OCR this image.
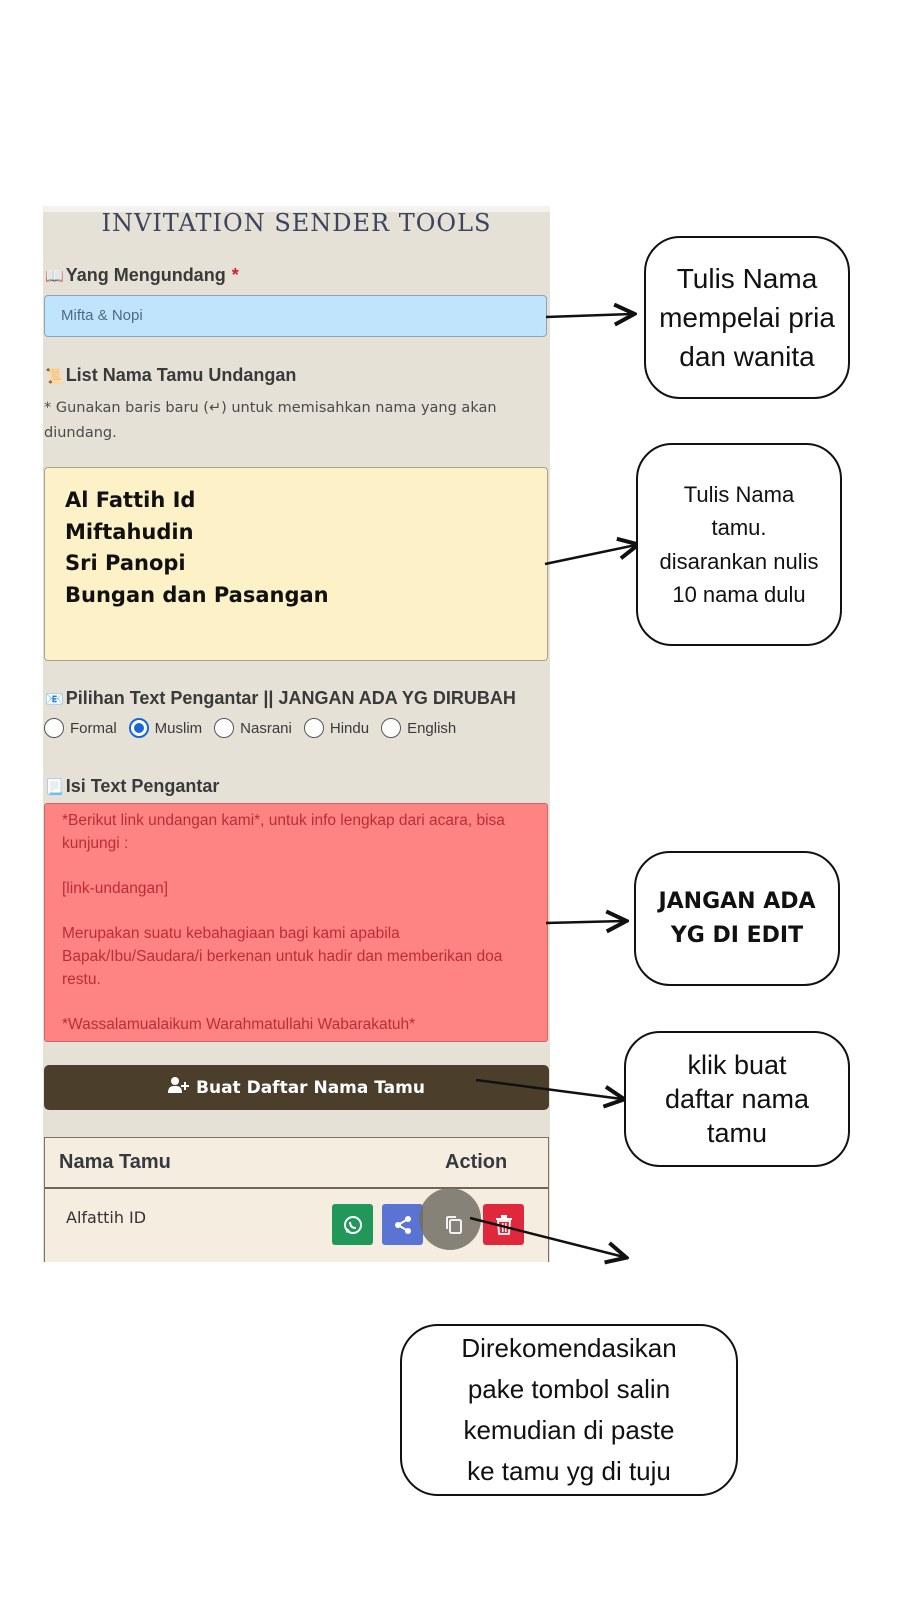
INVITATION SENDER TOOLS
📖 Yang Mengundang *
Mifta & Nopi
📜 List Nama Tamu Undangan
* Gunakan baris baru (↵) untuk memisahkan nama yang akan diundang.
Al Fattih Id
Miftahudin
Sri Panopi
Bungan dan Pasangan
📧 Pilihan Text Pengantar || JANGAN ADA YG DIRUBAH
Formal	Muslim	Nasrani	Hindu	English
📃 Isi Text Pengantar

*Berikut link undangan kami*, untuk info lengkap dari acara, bisa kunjungi :

[link-undangan]

Merupakan suatu kebahagiaan bagi kami apabila Bapak/Ibu/Saudara/i berkenan untuk hadir dan memberikan doa restu.

*Wassalamualaikum Warahmatullahi Wabarakatuh*

Buat Daftar Nama Tamu
Nama Tamu	Action
Alfattih ID
Tulis Nama
mempelai pria
dan wanita
Tulis Nama
tamu.
disarankan nulis
10 nama dulu
JANGAN ADA
YG DI EDIT
klik buat
daftar nama
tamu
Direkomendasikan
pake tombol salin
kemudian di paste
ke tamu yg di tuju
